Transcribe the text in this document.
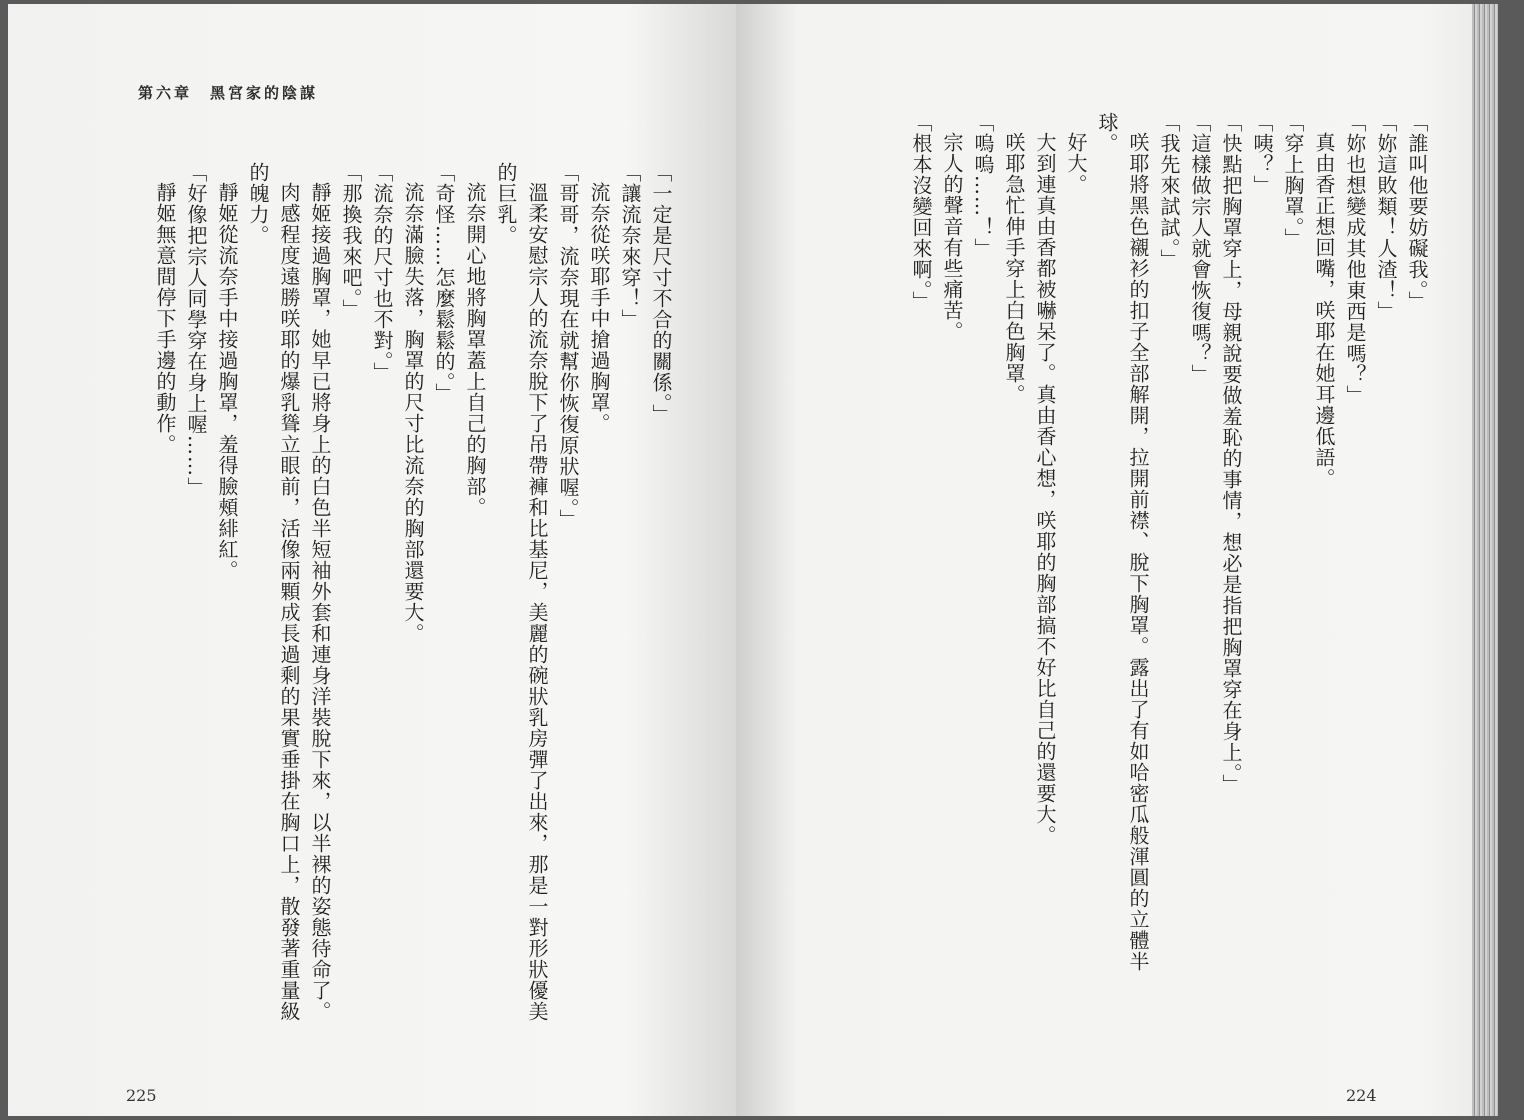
第六章　黑宮家的陰謀
「一定是尺寸不合的關係。」
「讓流奈來穿！」
流奈從咲耶手中搶過胸罩。
「哥哥，流奈現在就幫你恢復原狀喔。」
溫柔安慰宗人的流奈脫下了吊帶褲和比基尼，美麗的碗狀乳房彈了出來，那是一對形狀優美
的巨乳。
流奈開心地將胸罩蓋上自己的胸部。
「奇怪……怎麼鬆鬆的。」
流奈滿臉失落，胸罩的尺寸比流奈的胸部還要大。
「流奈的尺寸也不對。」
「那換我來吧。」
靜姬接過胸罩，她早已將身上的白色半短袖外套和連身洋裝脫下來，以半裸的姿態待命了。
肉感程度遠勝咲耶的爆乳聳立眼前，活像兩顆成長過剩的果實垂掛在胸口上，散發著重量級
的魄力。
靜姬從流奈手中接過胸罩，羞得臉頰緋紅。
「好像把宗人同學穿在身上喔……」
靜姬無意間停下手邊的動作。
225

「誰叫他要妨礙我。」
「妳這敗類！人渣！」
「妳也想變成其他東西是嗎？」
真由香正想回嘴，咲耶在她耳邊低語。
「穿上胸罩。」
「咦？」
「快點把胸罩穿上，母親說要做羞恥的事情，想必是指把胸罩穿在身上。」
「這樣做宗人就會恢復嗎？」
「我先來試試。」
咲耶將黑色襯衫的扣子全部解開，拉開前襟、脫下胸罩。露出了有如哈密瓜般渾圓的立體半
球。
好大。
大到連真由香都被嚇呆了。真由香心想，咲耶的胸部搞不好比自己的還要大。
咲耶急忙伸手穿上白色胸罩。
「嗚嗚……！」
宗人的聲音有些痛苦。
「根本沒變回來啊。」
224
